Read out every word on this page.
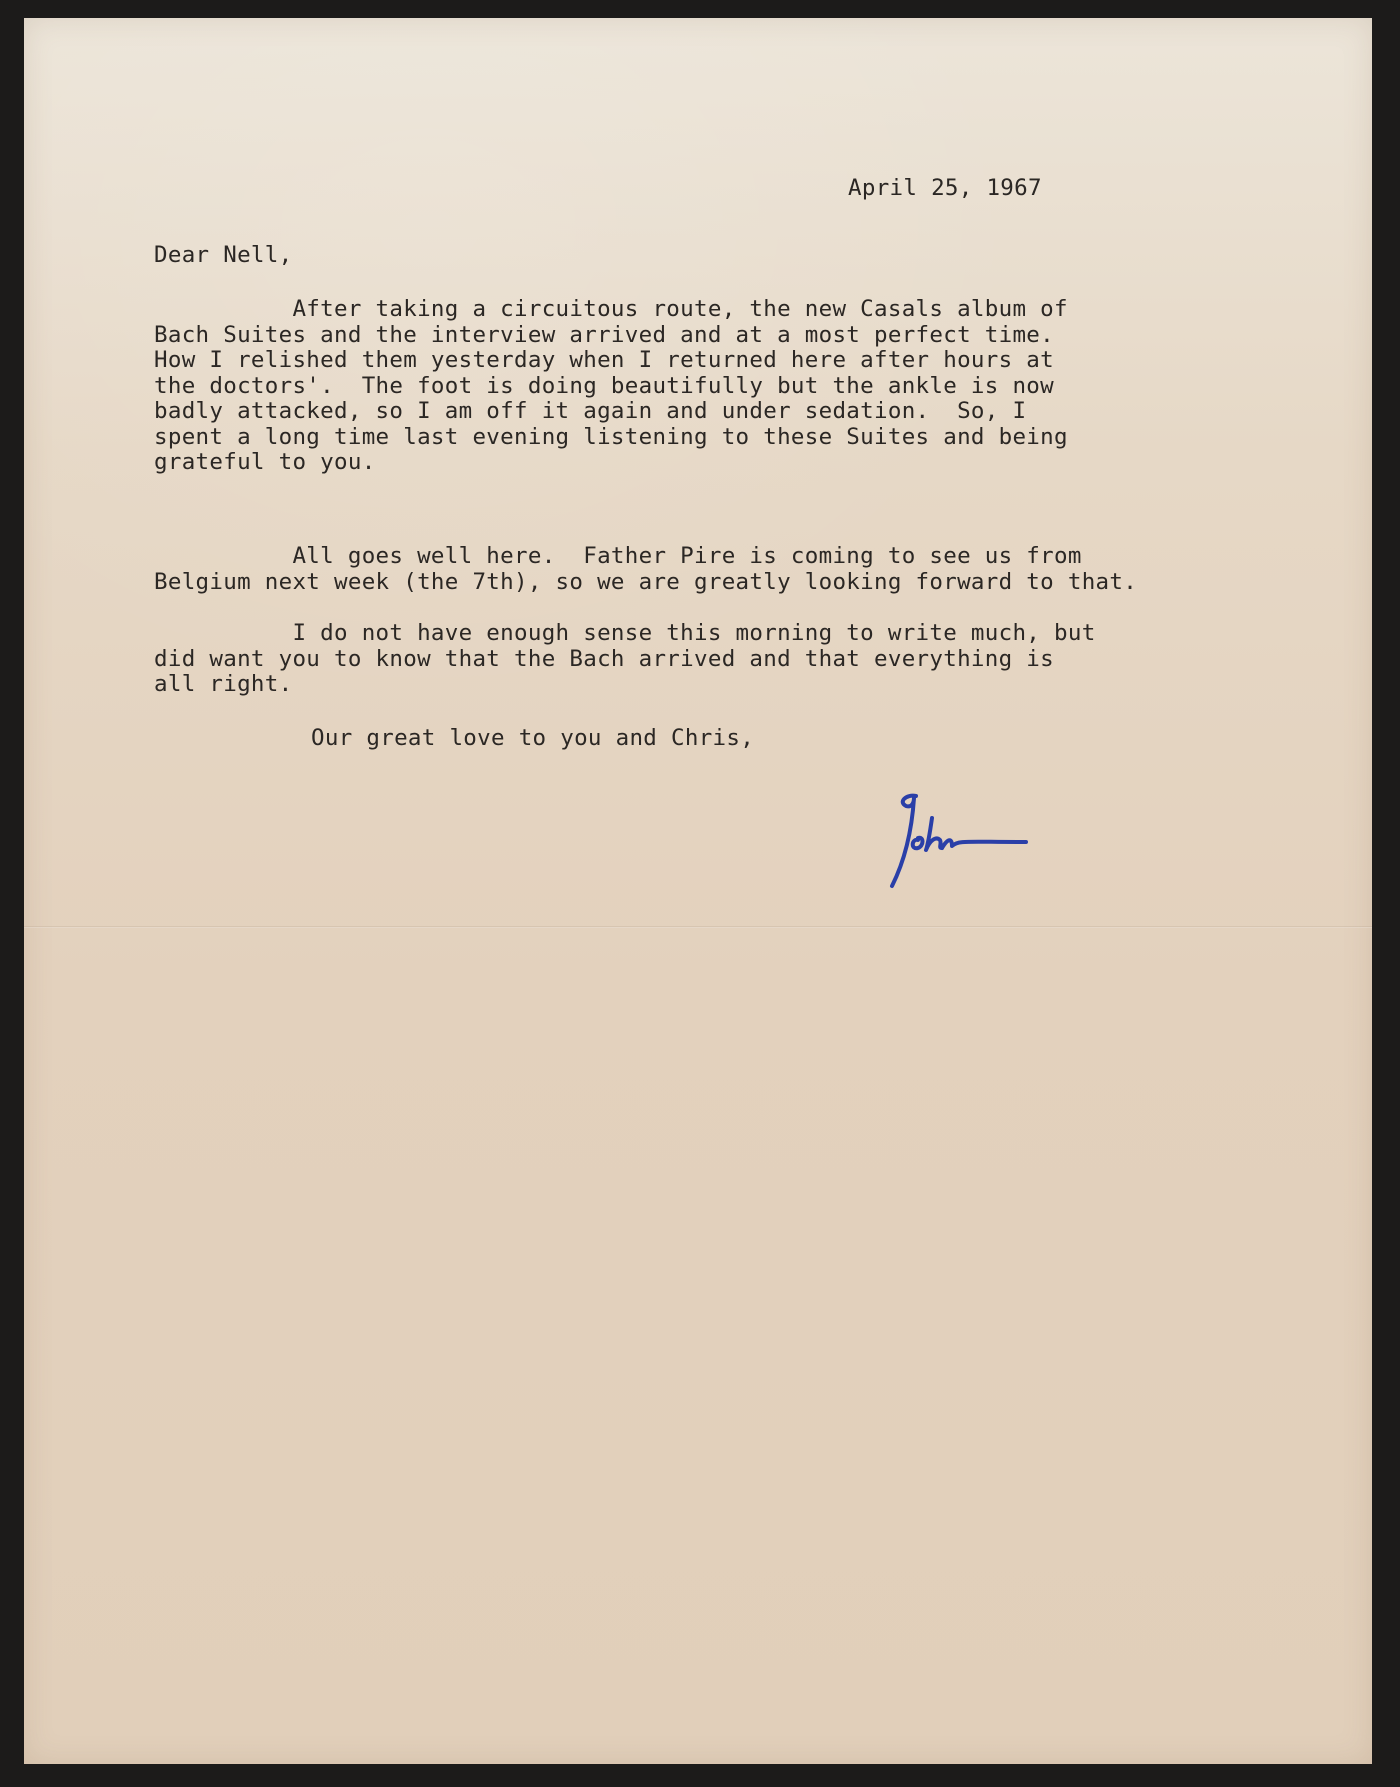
April 25, 1967
Dear Nell,
After taking a circuitous route, the new Casals album of
Bach Suites and the interview arrived and at a most perfect time.
How I relished them yesterday when I returned here after hours at
the doctors'.  The foot is doing beautifully but the ankle is now
badly attacked, so I am off it again and under sedation.  So, I
spent a long time last evening listening to these Suites and being
grateful to you.
All goes well here.  Father Pire is coming to see us from
Belgium next week (the 7th), so we are greatly looking forward to that.
I do not have enough sense this morning to write much, but
did want you to know that the Bach arrived and that everything is
all right.
Our great love to you and Chris,
